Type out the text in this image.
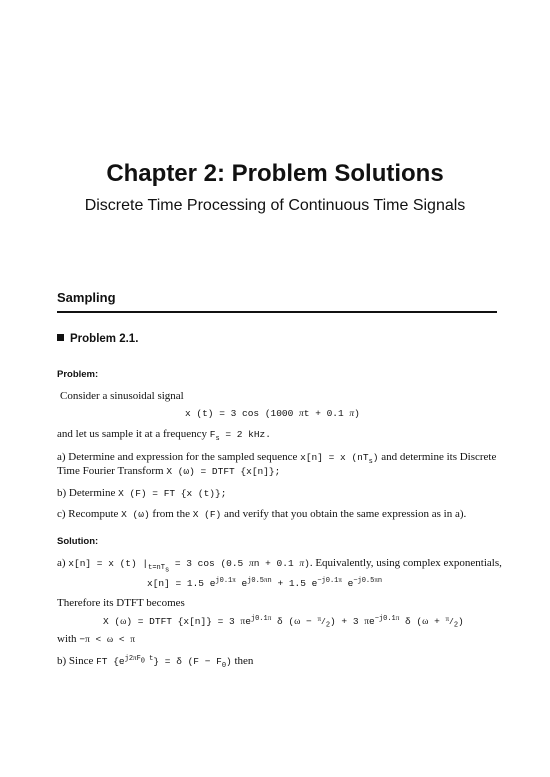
Chapter 2: Problem Solutions
Discrete Time Processing of Continuous Time Signals
Sampling
Problem 2.1.
Problem:
Consider a sinusoidal signal
x (t) = 3 cos (1000 πt + 0.1 π)
and let us sample it at a frequency $F_s = 2$ kHz.
a) Determine and expression for the sampled sequence x[n] = x $(nT_s)$ and determine its Discrete
Time Fourier Transform X (ω) = DTFT {x[n]};
b) Determine X (F) = FT {x (t)};
c) Recompute X (ω) from the X (F) and verify that you obtain the same expression as in a).
Solution:
a) x[n] = x (t) $|_{t=nT_s} = 3$ cos (0.5 πn + 0.1 π). Equivalently, using complex exponentials,
x[n] = 1.5 $e^{j0.1\pi}$ $e^{j0.5\pi n} + 1.5$ $e^{-j0.1\pi}$ $e^{-j0.5\pi n}$
Therefore its DTFT becomes
X (ω) = DTFT {x[n]} = 3 $\pi e^{j0.1\pi}$ δ $(\omega - ^\pi/_2) + 3$ $\pi e^{-j0.1\pi}$ δ $(\omega + ^\pi/_2)$
with −π < ω < π
b) Since FT $\{e^{j2\pi F_0 t}\} = \delta$ $(F - F_0)$ then
